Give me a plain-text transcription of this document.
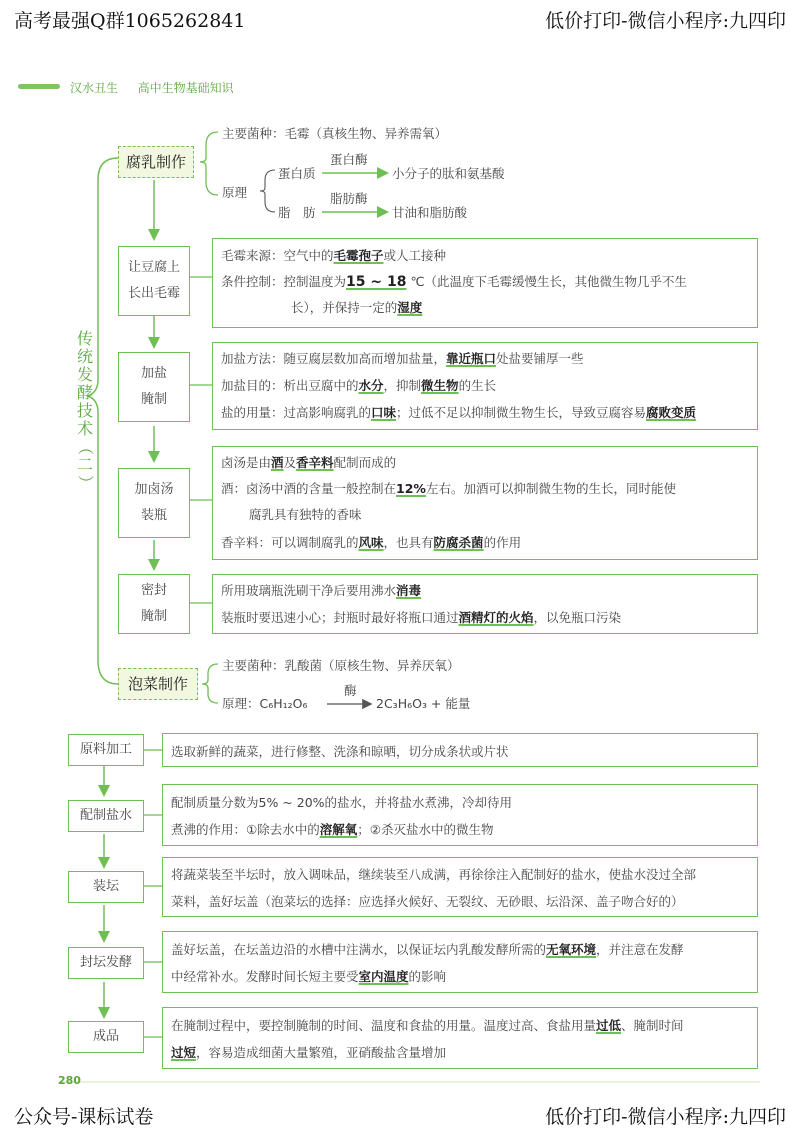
高考最强Q群1065262841	低价打印-微信小程序:九四印
公众号-课标试卷	低价打印-微信小程序:九四印
汉水丑生 高中生物基础知识
传
统
发
酵
技
术
（
二
）
腐乳制作
主要菌种：毛霉（真核生物、异养需氧）
原理
蛋白质
蛋白酶
小分子的肽和氨基酸
脂　肪
脂肪酶
甘油和脂肪酸
让豆腐上
长出毛霉
加盐
腌制
加卤汤
装瓶
密封
腌制
毛霉来源：空气中的毛霉孢子或人工接种
条件控制：控制温度为15 ~ 18 ℃（此温度下毛霉缓慢生长，其他微生物几乎不生
长），并保持一定的湿度
加盐方法：随豆腐层数加高而增加盐量，靠近瓶口处盐要铺厚一些
加盐目的：析出豆腐中的水分，抑制微生物的生长
盐的用量：过高影响腐乳的口味；过低不足以抑制微生物生长，导致豆腐容易腐败变质
卤汤是由酒及香辛料配制而成的
酒：卤汤中酒的含量一般控制在12%左右。加酒可以抑制微生物的生长，同时能使
腐乳具有独特的香味
香辛料：可以调制腐乳的风味，也具有防腐杀菌的作用
所用玻璃瓶洗刷干净后要用沸水消毒
装瓶时要迅速小心；封瓶时最好将瓶口通过酒精灯的火焰，以免瓶口污染
泡菜制作
主要菌种：乳酸菌（原核生物、异养厌氧）
原理：C₆H₁₂O₆
酶
2C₃H₆O₃ + 能量
原料加工
配制盐水
装坛
封坛发酵
成品
选取新鲜的蔬菜，进行修整、洗涤和晾晒，切分成条状或片状
配制质量分数为5% ~ 20%的盐水，并将盐水煮沸，冷却待用
煮沸的作用：①除去水中的溶解氧；②杀灭盐水中的微生物
将蔬菜装至半坛时，放入调味品，继续装至八成满，再徐徐注入配制好的盐水，使盐水没过全部
菜料，盖好坛盖（泡菜坛的选择：应选择火候好、无裂纹、无砂眼、坛沿深、盖子吻合好的）
盖好坛盖，在坛盖边沿的水槽中注满水，以保证坛内乳酸发酵所需的无氧环境，并注意在发酵
中经常补水。发酵时间长短主要受室内温度的影响
在腌制过程中，要控制腌制的时间、温度和食盐的用量。温度过高、食盐用量过低、腌制时间
过短，容易造成细菌大量繁殖，亚硝酸盐含量增加
280
